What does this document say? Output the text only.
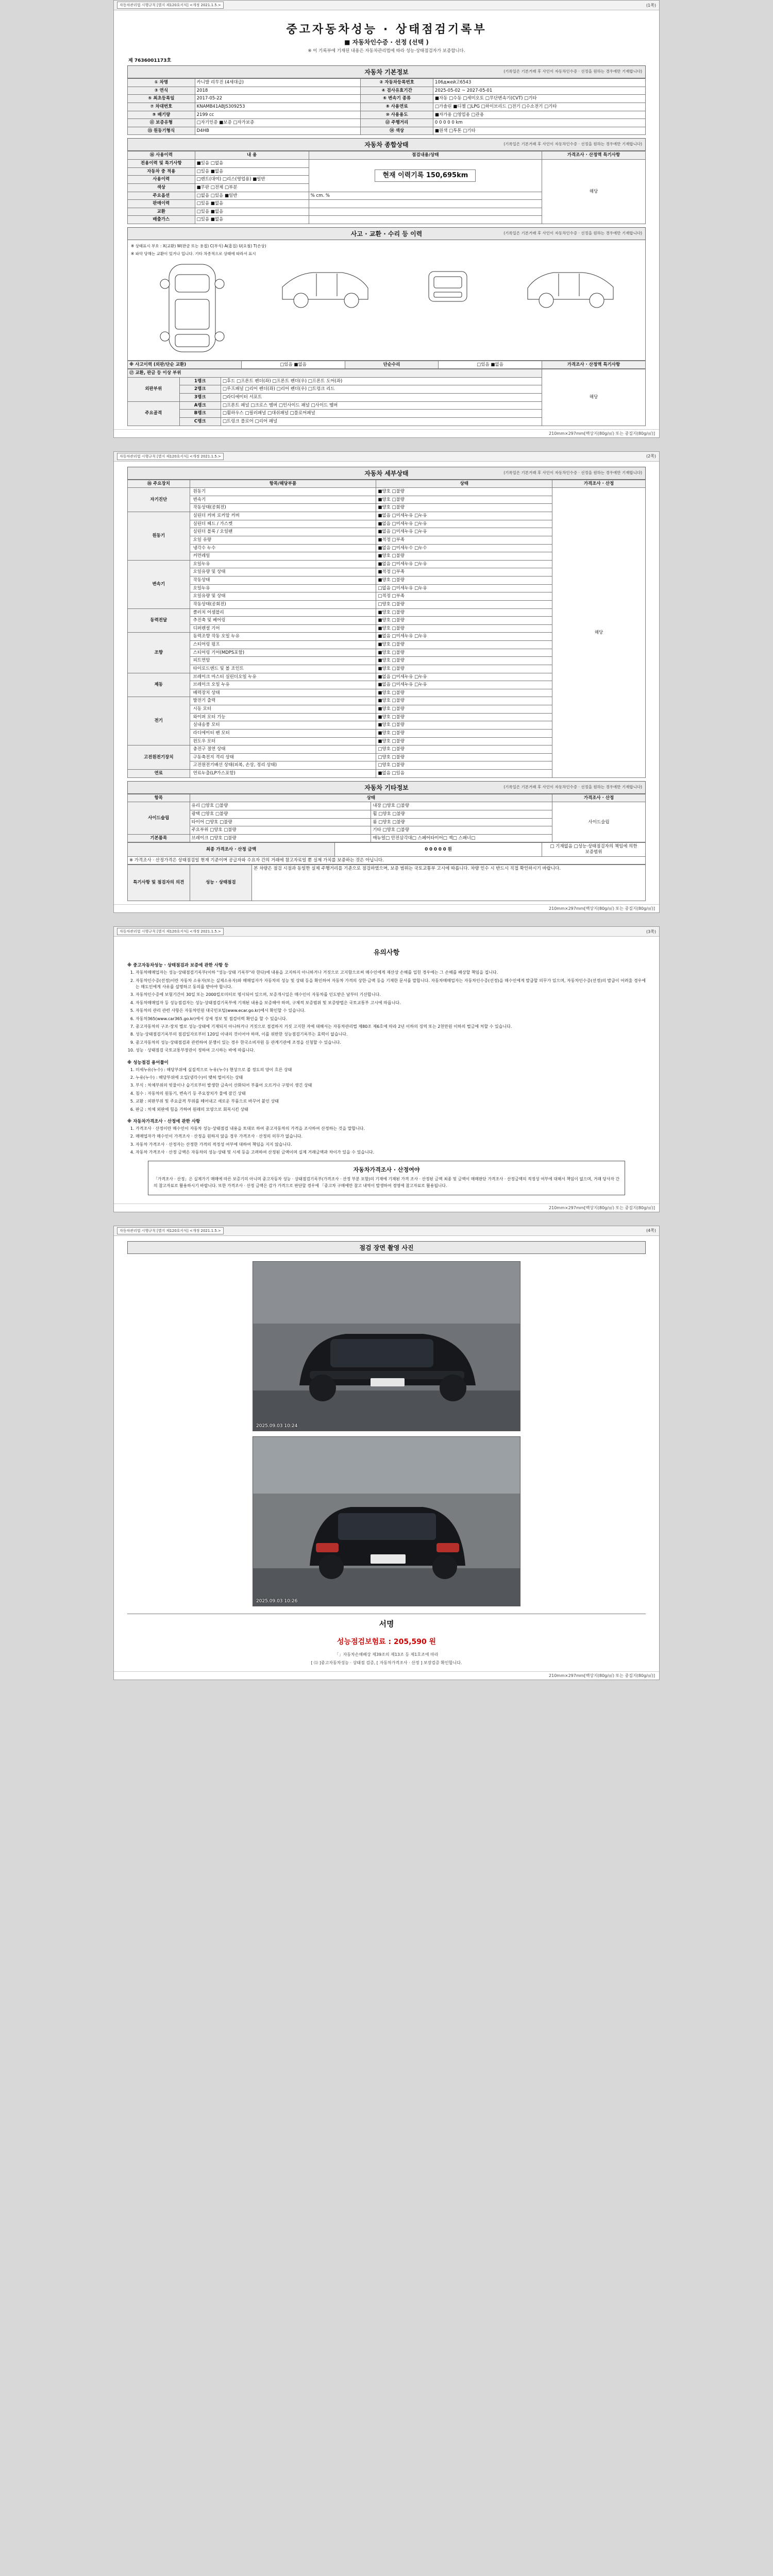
자동차관리법 시행규칙 [별지 제120호서식] <개정 2021.1.5.>	(1쪽)
중고자동차성능 · 상태점검기록부
■ 자동차인수증 · 선정 (선택 )
※ 이 기록부에 기재된 내용은 자동차관리법에 따라 성능·상태점검자가 보증합니다.
제 7636001173호
자동차 기본정보	(기록일은 기본거래 후 사인이 자동차인수증 · 선정을 원하는 경우에만 기재합니다)
① 차명	카니발 리무진 (4세대급)	② 자동차등록번호	106джей고6543
③ 연식	2018	④ 검사유효기간	2025-05-02 ~ 2027-05-01
⑤ 최초등록일	2017-05-22	⑥ 변속기 종류	■자동 □수동 □세미오토 □무단변속기(CVT) □기타
⑦ 차대번호	KNAMB41ABJS309253	⑧ 사용연료	□가솔린 ■디젤 □LPG □하이브리드 □전기 □수소전기 □기타
⑨ 배기량	2199 cc	⑩ 사용용도	■자가용 □영업용 □관용
⑪ 보증유형	□자기인증 ■보증 □자가보증	⑫ 주행거리	0 0 0 0 0 km
⑬ 원동기형식	D4HB	⑭ 색상	■원색 □투톤 □기타
자동차 종합상태	(기록일은 기본거래 후 사인이 자동차인수증 · 선정을 원하는 경우에만 기재합니다)
⑯ 사용이력	내 용	점검내용/상태	가격조사 · 산정액 특기사항
전용이력 및 특기사항	■있음 □없음	현재 이력기록 150,695km	해당
자동차 중 적용	□있음 ■없음		
사용이력	□렌트(대여) □리스(영업용) ■일반		
색상	■무판 □전체 □부분		
주요옵션	□없음 □있음 ■일반	% cm. %	
판매이력	□있음 ■없음		
교환	□있음 ■없음		
배출가스	□있음 ■없음		
사고 · 교환 · 수리 등 이력	(기록일은 기본거래 후 사인이 자동차인수증 · 선정을 원하는 경우에만 기재합니다)
※ 상태표시 부호 : X(교환) W(판금 또는 용접) C(부식) A(흠집) U(요철) T(손상)
※ 파악 당해는 교환이 있거나 입니다. 기타 차종적으로 상태에 따라서 표시
※ 사고이력 (외판/단순 교환)	□있음 ■없음	단순수리	□있음 ■없음	가격조사 · 산정액 특기사항
⑰ 교환, 판금 등 이상 부위			해당
외판부위	1랭크	□후드 □프론트 펜더(좌) □프론트 펜더(우) □프론트 도어(좌)	
	2랭크	□루프패널 □리어 펜더(좌) □리어 펜더(우) □트렁크 리드	
	3랭크	□라디에이터 서포트	
주요골격	A랭크	□프론트 패널 □크로스 멤버 □인사이드 패널 □사이드 멤버	
	B랭크	□휠하우스 □필러패널 □대쉬패널 □플로어패널	
	C랭크	□트렁크 플로어 □리어 패널	
210mm×297mm[백상지(80g/㎡) 또는 중질지(80g/㎡)]
자동차관리법 시행규칙 [별지 제120호서식] <개정 2021.1.5.>	(2쪽)
자동차 세부상태	(기록일은 기본거래 후 사인이 자동차인수증 · 선정을 원하는 경우에만 기재합니다)
⑱ 주요장치	항목/해당부품	상태	가격조사 · 산정
자기진단	원동기	■양호 □불량	해당
	변속기	■양호 □불량	
	작동상태(공회전)	■양호 □불량	
원동기	실린더 커버 로커암 커버	■없음 □미세누유 □누유	
	실린더 헤드 / 가스켓	■없음 □미세누유 □누유	
	실린더 블록 / 오일팬	■없음 □미세누유 □누유	
	오일 유량	■적정 □부족	
	냉각수 누수	■없음 □미세누수 □누수	
	커먼레일	■양호 □불량	
변속기	오일누유	■없음 □미세누유 □누유	
	오일유량 및 상태	■적정 □부족	
	작동상태	■양호 □불량	
	오일누유	□없음 □미세누유 □누유	
	오일유량 및 상태	□적정 □부족	
	작동상태(공회전)	□양호 □불량	
동력전달	클러치 어셈블리	■양호 □불량	
	추진축 및 베어링	■양호 □불량	
	디퍼렌셜 기어	■양호 □불량	
조향	동력조향 작동 오일 누유	■없음 □미세누유 □누유	
	스티어링 펌프	■양호 □불량	
	스티어링 기어(MDPS포함)	■양호 □불량	
	피트먼암	■양호 □불량	
	타이로드엔드 및 볼 조인트	■양호 □불량	
제동	브레이크 마스터 실린더오일 누유	■없음 □미세누유 □누유	
	브레이크 오일 누유	■없음 □미세누유 □누유	
	배력장치 상태	■양호 □불량	
전기	발전기 출력	■양호 □불량	
	시동 모터	■양호 □불량	
	와이퍼 모터 기능	■양호 □불량	
	실내송풍 모터	■양호 □불량	
	라디에이터 팬 모터	■양호 □불량	
	윈도우 모터	■양호 □불량	
고전원전기장치	충전구 절연 상태	□양호 □불량	
	구동축전지 격리 상태	□양호 □불량	
	고전원전기배선 상태(피복, 손상, 정리 상태)	□양호 □불량	
연료	연료누출(LP가스포함)	■없음 □있음	
자동차 기타정보	(기록일은 기본거래 후 사인이 자동차인수증 · 선정을 원하는 경우에만 기재합니다)
항목	상태		가격조사 · 산정
사이드슬립	유리 □양호 □불량	내장 □양호 □불량	사이드슬립
	광택 □양호 □불량	휠 □양호 □불량	
	타이어 □양호 □불량	룸 □양호 □불량	
	주요부위 □양호 □불량	기타 □양호 □불량	
기본품목	브레이크 □양호 □불량	매뉴얼□ 안전삼각대□ 스페어타이어□ 잭□ 스패너□	
최종 가격조사 · 산정 금액	0 0 0 0 0 원	□ 기재없음 □성능·상태점검자의 책임에 의한 보증범위
※ 가격조사 · 산정가격은 상태점검일 현재 기준이며 공급자와 수요자 간의 거래에 참고자료일 뿐 실제 가치를 보증하는 것은 아닙니다.
특기사항 및 점검자의 의견	성능 · 상태점검	본 차량은 점검 시점과 동일한 실제 주행거리를 기준으로 점검하였으며, 보증 범위는 국토교통부 고시에 따릅니다. 차량 인수 시 반드시 직접 확인하시기 바랍니다.
210mm×297mm[백상지(80g/㎡) 또는 중질지(80g/㎡)]
자동차관리법 시행규칙 [별지 제120호서식] <개정 2021.1.5.>	(3쪽)
유의사항
※ 중고자동차성능 · 상태점검과 보증에 관한 사항 등
1. 자동차매매업자는 성능·상태점검기록부(이하 "성능·상태 기록부"라 한다)에 내용을 고지하지 아니하거나 거짓으로 고지함으로써 매수인에게 재산상 손해를 입힌 경우에는 그 손해를 배상할 책임을 집니다.
2. 자동차인수증(선정)이란 자동차 소유자(또는 실제소유자)와 매매업자가 자동차의 성능 및 상태 등을 확인하여 자동차 가격의 상한·금액 등을 기재한 문서를 말합니다. 자동차매매업자는 자동차인수증(선정)을 매수인에게 발급할 의무가 있으며, 자동차인수증(선정)의 발급이 어려울 경우에는 매도인에게 사유를 설명하고 동의를 받아야 합니다.
3. 자동차인수증에 보험기간이 30일 또는 2000킬로미터로 명시되어 있으며, 보증개시일은 매수인이 자동차를 인도받은 날부터 기산합니다.
4. 자동차매매업자 등 성능점검자는 성능·상태점검기록부에 기재된 내용을 보증해야 하며, 구체적 보증범위 및 보증방법은 국토교통부 고시에 따릅니다.
5. 자동차의 관리 관련 사항은 자동차민원 대국민포털(www.ecar.go.kr)에서 확인할 수 있습니다.
6. 자동차365(www.car365.go.kr)에서 상세 정보 및 점검이력 확인을 할 수 있습니다.
7. 중고자동차의 구조·장치 별로 성능·상태에 기재되지 아니하거나 거짓으로 점검하지 거짓 고지한 자에 대해서는 자동차관리법 제80조 제6호에 따라 2년 이하의 징역 또는 2천만원 이하의 벌금에 처할 수 있습니다.
8. 성능·상태점검기록부의 점검일자로부터 120일 이내의 것이어야 하며, 이를 위반한 성능점검기록부는 효력이 없습니다.
9. 중고자동차의 성능·상태점검과 관련하여 분쟁이 있는 경우 한국소비자원 등 관계기관에 조정을 신청할 수 있습니다.
10. 성능 · 상태점검 국토교통부장관이 정하여 고시하는 바에 따릅니다.
※ 성능점검 용어풀이
1. 미세누유(누수) : 해당부위에 실질적으로 누유(누수) 현상으로 볼 정도의 양이 흐른 상태
2. 누유(누수) : 해당부위에 오일(냉각수)이 맺혀 떨어지는 상태
3. 부식 : 차체부위의 빗물이나 습기로부터 발생한 금속이 산화되어 부풀어 오르거나 구멍이 생긴 상태
4. 침수 : 자동차의 원동기, 변속기 등 주요장치가 물에 잠긴 상태
5. 교환 : 외판부위 및 주요골격 부위를 떼어내고 새로운 부품으로 바꾸어 붙인 상태
6. 판금 : 차체 외판에 힘을 가하여 원래의 모양으로 회복시킨 상태
※ 자동차가격조사 · 산정에 관한 사항
1. 가격조사 · 산정이란 매수인이 자동차 성능·상태점검 내용을 토대로 하여 중고자동차의 가격을 조사하여 산정하는 것을 말합니다.
2. 매매업자가 매수인이 가격조사 · 산정을 원하지 않을 경우 가격조사 · 산정의 의무가 없습니다.
3. 자동차 가격조사 · 산정자는 산정한 가격의 적정성 여부에 대하여 책임을 지지 않습니다.
4. 자동차 가격조사 · 산정 금액은 자동차의 성능·상태 및 시세 등을 고려하여 산정된 금액이며 실제 거래금액과 차이가 있을 수 있습니다.
자동차가격조사 · 산정여야

「가격조사 · 산정」은 실제가기 매매에 따른 보증기의 아니며 중고자동차 성능 · 상태점검기록부(가격조사 · 산정 부분 포함)의 기재에 기재된 가격 조사 · 산정된 금액 최종 및 금액이 매매판단 가격조사 · 산정금액의 적정성 여부에 대해서 책임이 없으며, 거래 당사자 간의 참고자료로 활용하시기 바랍니다. 또한 가격조사 · 산정 금액은 감가 가격으로 판단할 경우에 「중고차 구매에만 참고 내역이 발생하여 경영에 참고자료로 활용됩니다.

210mm×297mm[백상지(80g/㎡) 또는 중질지(80g/㎡)]
자동차관리법 시행규칙 [별지 제120호서식] <개정 2021.1.5.>	(4쪽)
점검 장면 촬영 사진
2025.09.03 10:24
2025.09.03 10:26
서명
성능점검보험료 : 205,590 원
「」자동차손해배상 제39조의 제13조 등 제1호조에 따라
[ ⑴ ]중고자동차성능 · 상태점 검증, [ 자동차가격조사 · 산정 ] 보장검증 확인합니다.
210mm×297mm[백상지(80g/㎡) 또는 중질지(80g/㎡)]
